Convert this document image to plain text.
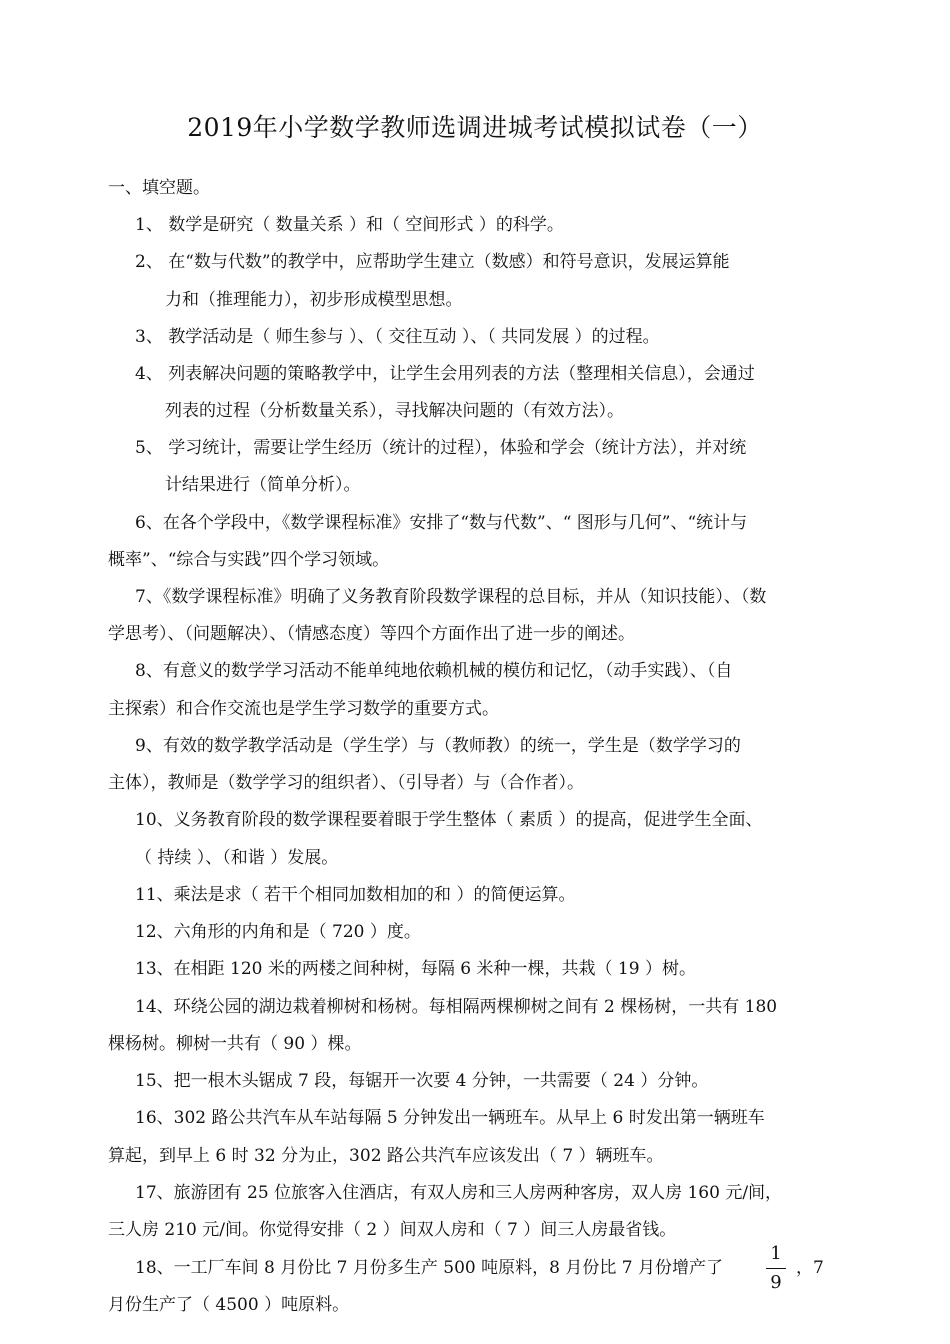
2019年小学数学教师选调进城考试模拟试卷（一）
一、填空题。
1、 数学是研究（ 数量关系 ）和（ 空间形式 ）的科学。
2、 在“数与代数”的教学中，应帮助学生建立（数感）和符号意识，发展运算能
力和（推理能力），初步形成模型思想。
3、 教学活动是（ 师生参与 ）、（ 交往互动 ）、（ 共同发展 ）的过程。
4、 列表解决问题的策略教学中，让学生会用列表的方法（整理相关信息），会通过
列表的过程（分析数量关系），寻找解决问题的（有效方法）。
5、 学习统计，需要让学生经历（统计的过程），体验和学会（统计方法），并对统
计结果进行（简单分析）。
6、在各个学段中，《数学课程标准》安排了“数与代数”、“ 图形与几何”、“统计与
概率”、“综合与实践”四个学习领域。
7、《数学课程标准》明确了义务教育阶段数学课程的总目标，并从（知识技能）、（数
学思考）、（问题解决）、（情感态度）等四个方面作出了进一步的阐述。
8、有意义的数学学习活动不能单纯地依赖机械的模仿和记忆，（动手实践）、（自
主探索）和合作交流也是学生学习数学的重要方式。
9、有效的数学教学活动是（学生学）与（教师教）的统一，学生是（数学学习的
主体），教师是（数学学习的组织者）、（引导者）与（合作者）。
10、义务教育阶段的数学课程要着眼于学生整体（ 素质 ）的提高，促进学生全面、
（ 持续 ）、（和谐 ）发展。
11、乘法是求（ 若干个相同加数相加的和 ）的简便运算。
12、六角形的内角和是（ 720 ）度。
13、在相距 120 米的两楼之间种树，每隔 6 米种一棵，共栽（ 19 ）树。
14、环绕公园的湖边栽着柳树和杨树。每相隔两棵柳树之间有 2 棵杨树，一共有 180
棵杨树。柳树一共有（ 90 ）棵。
15、把一根木头锯成 7 段，每锯开一次要 4 分钟，一共需要（ 24 ）分钟。
16、302 路公共汽车从车站每隔 5 分钟发出一辆班车。从早上 6 时发出第一辆班车
算起，到早上 6 时 32 分为止，302 路公共汽车应该发出（ 7 ）辆班车。
17、旅游团有 25 位旅客入住酒店，有双人房和三人房两种客房，双人房 160 元/间，
三人房 210 元/间。你觉得安排（ 2 ）间双人房和（ 7 ）间三人房最省钱。
18、一工厂车间 8 月份比 7 月份多生产 500 吨原料，8 月份比 7 月份增产了	，7
月份生产了（ 4500 ）吨原料。
1
9
